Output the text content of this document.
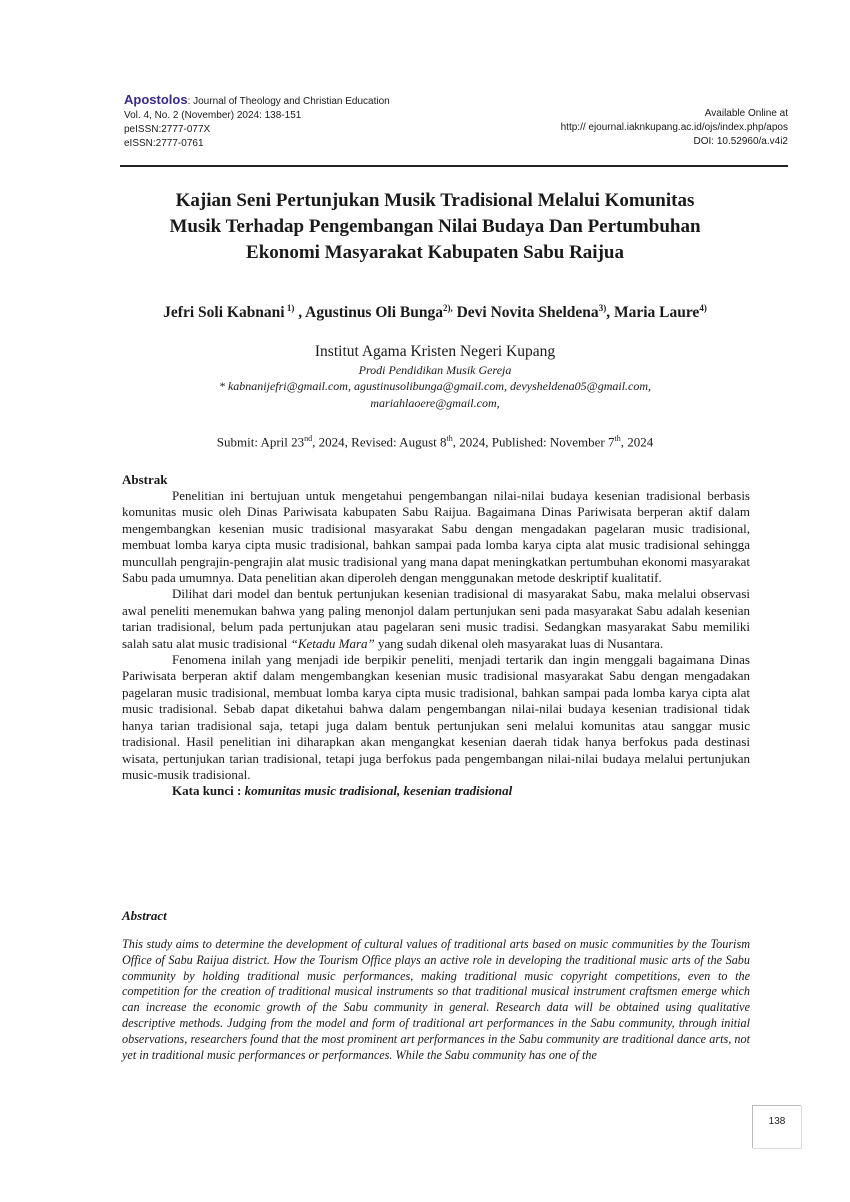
Apostolos: Journal of Theology and Christian Education
Vol. 4, No. 2 (November) 2024: 138-151
peISSN:2777-077X
eISSN:2777-0761
Available Online at
http:// ejournal.iaknkupang.ac.id/ojs/index.php/apos
DOI: 10.52960/a.v4i2
Kajian Seni Pertunjukan Musik Tradisional Melalui Komunitas
Musik Terhadap Pengembangan Nilai Budaya Dan Pertumbuhan
Ekonomi Masyarakat Kabupaten Sabu Raijua
Jefri Soli Kabnani $^{1)}$ , Agustinus Oli Bunga$^{2),}$ Devi Novita Sheldena$^{3)}$, Maria Laure$^{4)}$
Institut Agama Kristen Negeri Kupang
Prodi Pendidikan Musik Gereja
* kabnanijefri@gmail.com, agustinusolibunga@gmail.com, devysheldena05@gmail.com,
mariahlaoere@gmail.com,
Submit: April 23nd, 2024, Revised: August 8th, 2024, Published: November 7th, 2024
Abstrak

Penelitian ini bertujuan untuk mengetahui pengembangan nilai-nilai budaya kesenian tradisional berbasis komunitas music oleh Dinas Pariwisata kabupaten Sabu Raijua. Bagaimana Dinas Pariwisata berperan aktif dalam mengembangkan kesenian music tradisional masyarakat Sabu dengan mengadakan pagelaran music tradisional, membuat lomba karya cipta music tradisional, bahkan sampai pada lomba karya cipta alat music tradisional sehingga muncullah pengrajin-pengrajin alat music tradisional yang mana dapat meningkatkan pertumbuhan ekonomi masyarakat Sabu pada umumnya. Data penelitian akan diperoleh dengan menggunakan metode deskriptif kualitatif.

Dilihat dari model dan bentuk pertunjukan kesenian tradisional di masyarakat Sabu, maka melalui observasi awal peneliti menemukan bahwa yang paling menonjol dalam pertunjukan seni pada masyarakat Sabu adalah kesenian tarian tradisional, belum pada pertunjukan atau pagelaran seni music tradisi. Sedangkan masyarakat Sabu memiliki salah satu alat music tradisional “Ketadu Mara” yang sudah dikenal oleh masyarakat luas di Nusantara.

Fenomena inilah yang menjadi ide berpikir peneliti, menjadi tertarik dan ingin menggali bagaimana Dinas Pariwisata berperan aktif dalam mengembangkan kesenian music tradisional masyarakat Sabu dengan mengadakan pagelaran music tradisional, membuat lomba karya cipta music tradisional, bahkan sampai pada lomba karya cipta alat music tradisional. Sebab dapat diketahui bahwa dalam pengembangan nilai-nilai budaya kesenian tradisional tidak hanya tarian tradisional saja, tetapi juga dalam bentuk pertunjukan seni melalui komunitas atau sanggar music tradisional. Hasil penelitian ini diharapkan akan mengangkat kesenian daerah tidak hanya berfokus pada destinasi wisata, pertunjukan tarian tradisional, tetapi juga berfokus pada pengembangan nilai-nilai budaya melalui pertunjukan music-musik tradisional.

Kata kunci : komunitas music tradisional, kesenian tradisional

Abstract

This study aims to determine the development of cultural values of traditional arts based on music communities by the Tourism Office of Sabu Raijua district. How the Tourism Office plays an active role in developing the traditional music arts of the Sabu community by holding traditional music performances, making traditional music copyright competitions, even to the competition for the creation of traditional musical instruments so that traditional musical instrument craftsmen emerge which can increase the economic growth of the Sabu community in general. Research data will be obtained using qualitative descriptive methods. Judging from the model and form of traditional art performances in the Sabu community, through initial observations, researchers found that the most prominent art performances in the Sabu community are traditional dance arts, not yet in traditional music performances or performances. While the Sabu community has one of the

138
